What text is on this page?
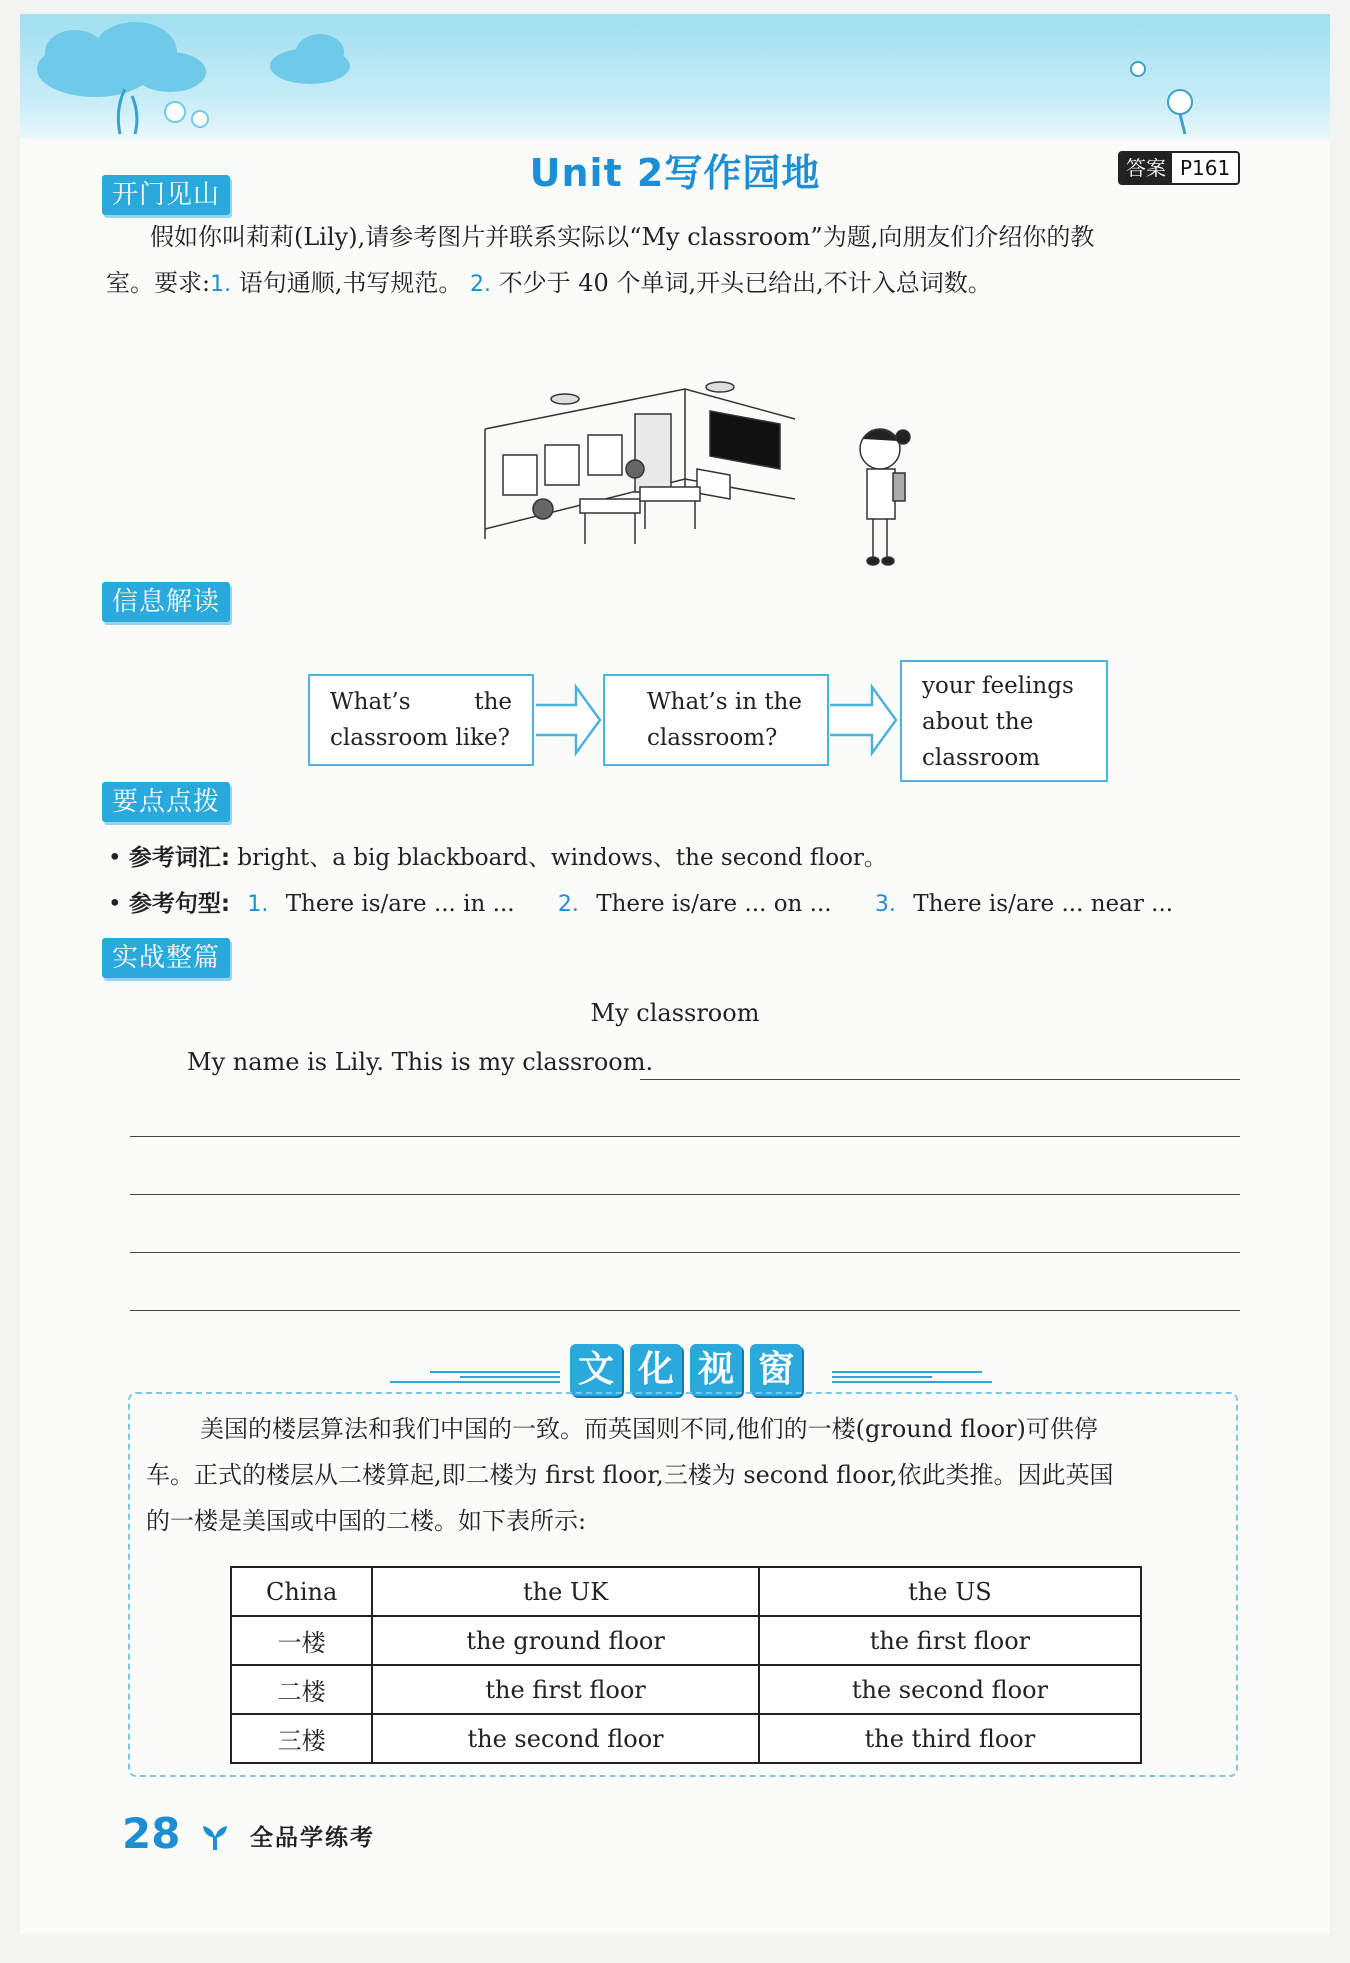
Unit 2写作园地	答案 P161
开门见山
假如你叫莉莉(Lily),请参考图片并联系实际以“My classroom”为题,向朋友们介绍你的教
室。要求:1. 语句通顺,书写规范。 2. 不少于 40 个单词,开头已给出,不计入总词数。
信息解读
What’s	the
classroom like?
What’s in the
classroom?
your feelings
about the
classroom
要点点拨
• 参考词汇: bright、a big blackboard、windows、the second floor。
• 参考句型: 1. There is/are ... in ... 2. There is/are ... on ... 3. There is/are ... near ...
实战整篇
My classroom
My name is Lily. This is my classroom.
文 化 视 窗
美国的楼层算法和我们中国的一致。而英国则不同,他们的一楼(ground floor)可供停
车。正式的楼层从二楼算起,即二楼为 first floor,三楼为 second floor,依此类推。因此英国
的一楼是美国或中国的二楼。如下表所示:
China	the UK	the US
一楼	the ground floor	the first floor
二楼	the first floor	the second floor
三楼	the second floor	the third floor
28	全品学练考
